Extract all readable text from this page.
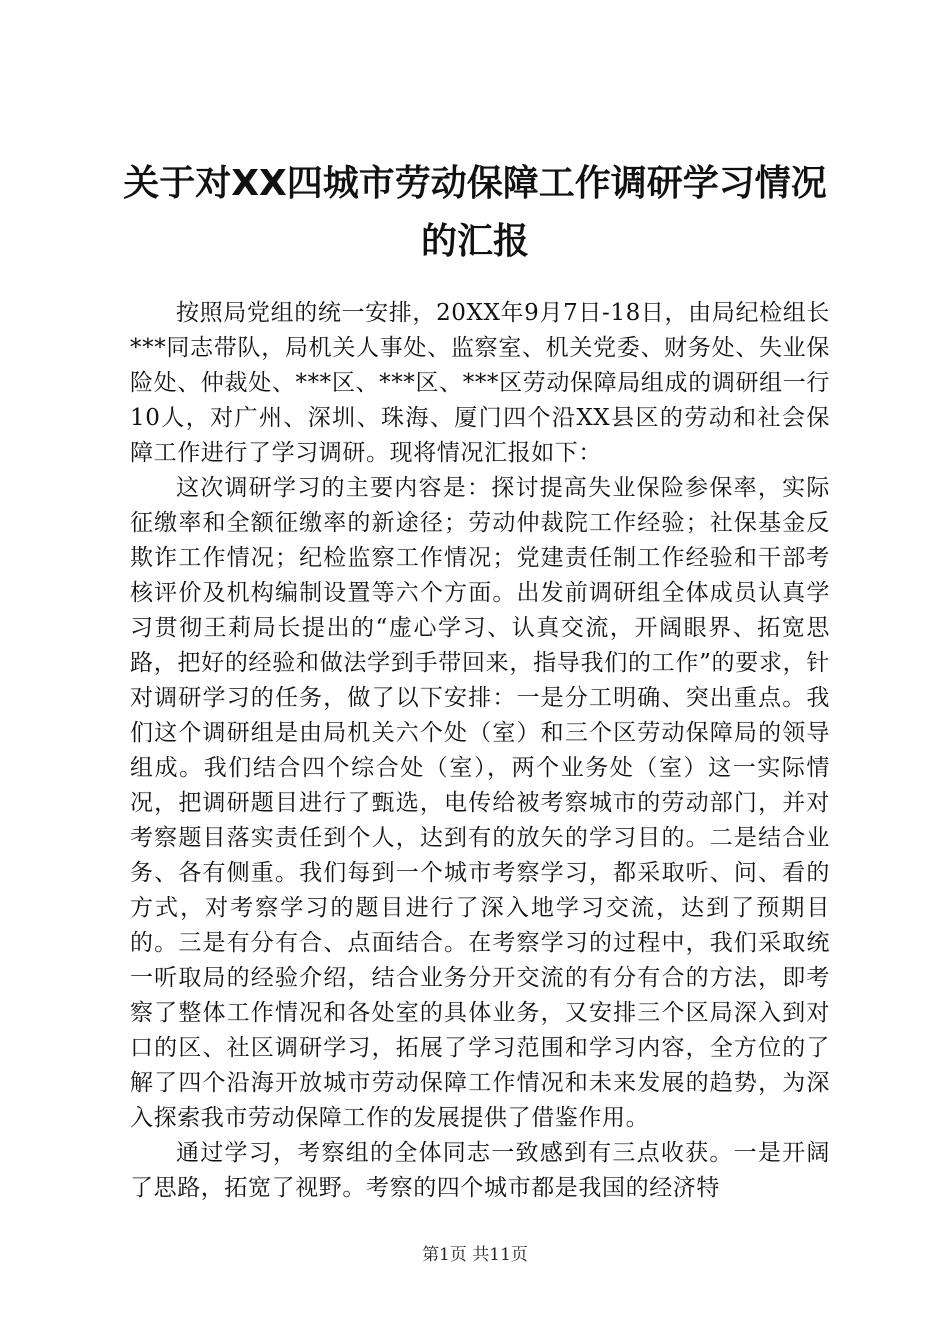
关于对XX四城市劳动保障工作调研学习情况
的汇报

按照局党组的统一安排，20XX年9月7日-18日，由局纪检组长***同志带队，局机关人事处、监察室、机关党委、财务处、失业保险处、仲裁处、***区、***区、***区劳动保障局组成的调研组一行10人，对广州、深圳、珠海、厦门四个沿XX县区的劳动和社会保障工作进行了学习调研。现将情况汇报如下：

这次调研学习的主要内容是：探讨提高失业保险参保率，实际征缴率和全额征缴率的新途径；劳动仲裁院工作经验；社保基金反欺诈工作情况；纪检监察工作情况；党建责任制工作经验和干部考核评价及机构编制设置等六个方面。出发前调研组全体成员认真学习贯彻王莉局长提出的“虚心学习、认真交流，开阔眼界、拓宽思路，把好的经验和做法学到手带回来，指导我们的工作”的要求，针对调研学习的任务，做了以下安排：一是分工明确、突出重点。我们这个调研组是由局机关六个处（室）和三个区劳动保障局的领导组成。我们结合四个综合处（室），两个业务处（室）这一实际情况，把调研题目进行了甄选，电传给被考察城市的劳动部门，并对考察题目落实责任到个人，达到有的放矢的学习目的。二是结合业务、各有侧重。我们每到一个城市考察学习，都采取听、问、看的方式，对考察学习的题目进行了深入地学习交流，达到了预期目的。三是有分有合、点面结合。在考察学习的过程中，我们采取统一听取局的经验介绍，结合业务分开交流的有分有合的方法，即考察了整体工作情况和各处室的具体业务，又安排三个区局深入到对口的区、社区调研学习，拓展了学习范围和学习内容，全方位的了解了四个沿海开放城市劳动保障工作情况和未来发展的趋势，为深入探索我市劳动保障工作的发展提供了借鉴作用。

通过学习，考察组的全体同志一致感到有三点收获。一是开阔了思路，拓宽了视野。考察的四个城市都是我国的经济特

第1页 共11页
